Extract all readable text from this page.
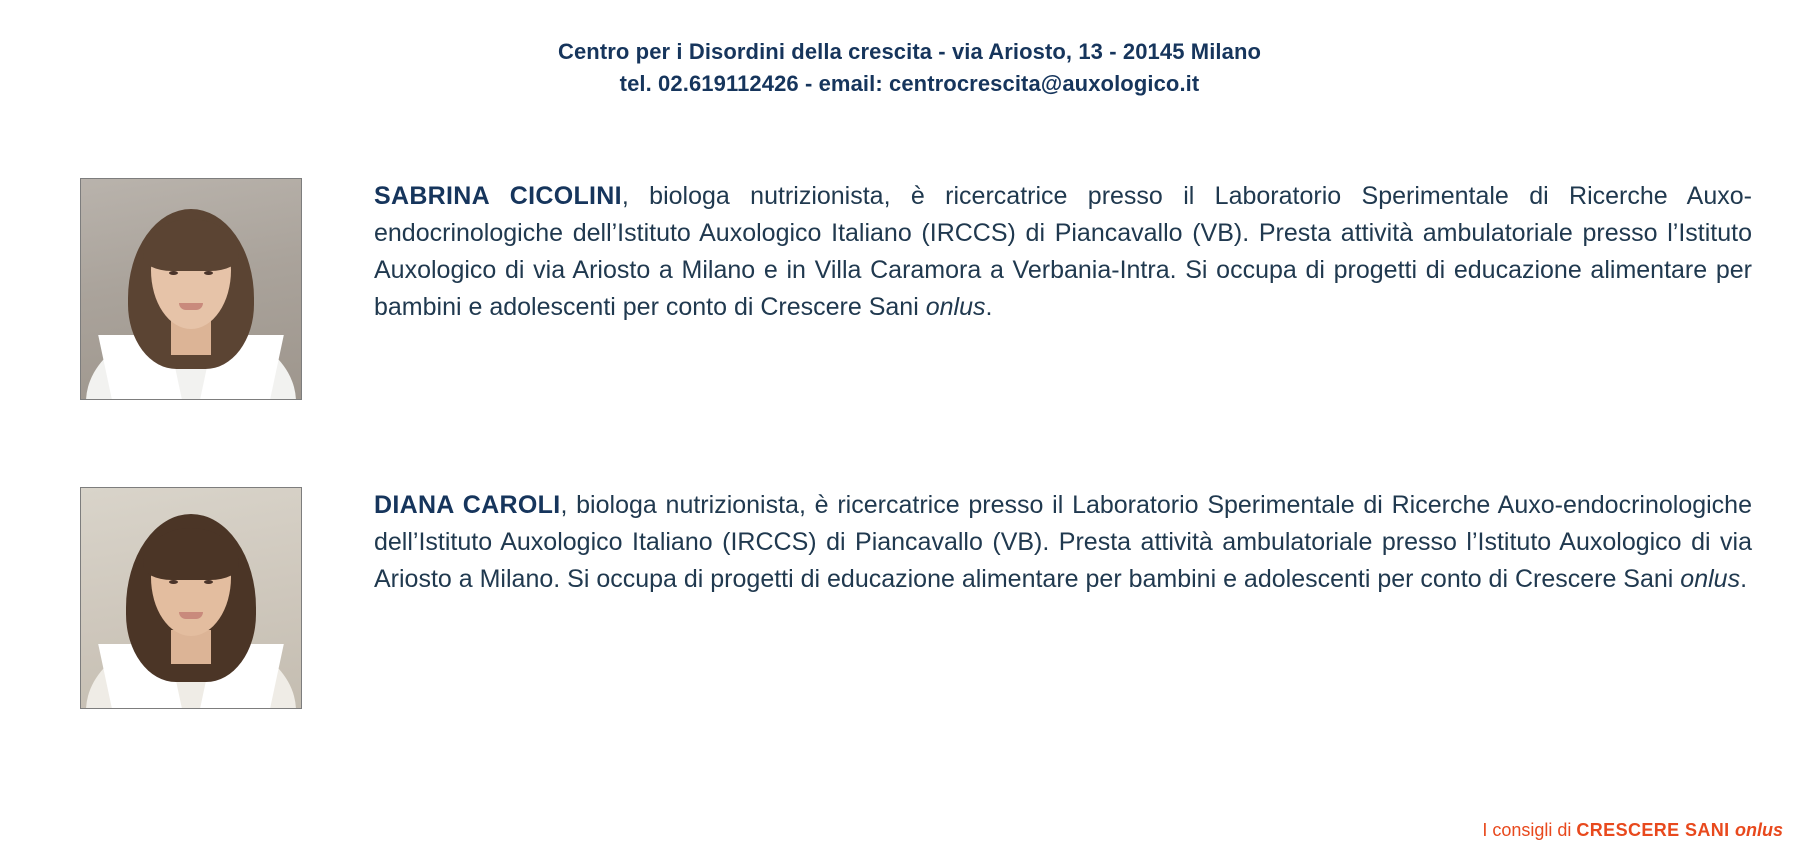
Centro per i Disordini della crescita - via Ariosto, 13 - 20145 Milano
tel. 02.619112426 - email: centrocrescita@auxologico.it
SABRINA CICOLINI, biologa nutrizionista, è ricercatrice presso il Laboratorio Sperimentale di Ricerche Auxo-endocrinologiche dell’Istituto Auxologico Italiano (IRCCS) di Piancavallo (VB). Presta attività ambulatoriale presso l’Istituto Auxologico di via Ariosto a Milano e in Villa Caramora a Verbania-Intra. Si occupa di progetti di educazione alimentare per bambini e adolescenti per conto di Crescere Sani onlus.
DIANA CAROLI, biologa nutrizionista, è ricercatrice presso il Laboratorio Sperimentale di Ricerche Auxo-endocrinologiche dell’Istituto Auxologico Italiano (IRCCS) di Piancavallo (VB). Presta attività ambulatoriale presso l’Istituto Auxologico di via Ariosto a Milano. Si occupa di progetti di educazione alimentare per bambini e adolescenti per conto di Crescere Sani onlus.
I consigli di CRESCERE SANI onlus
